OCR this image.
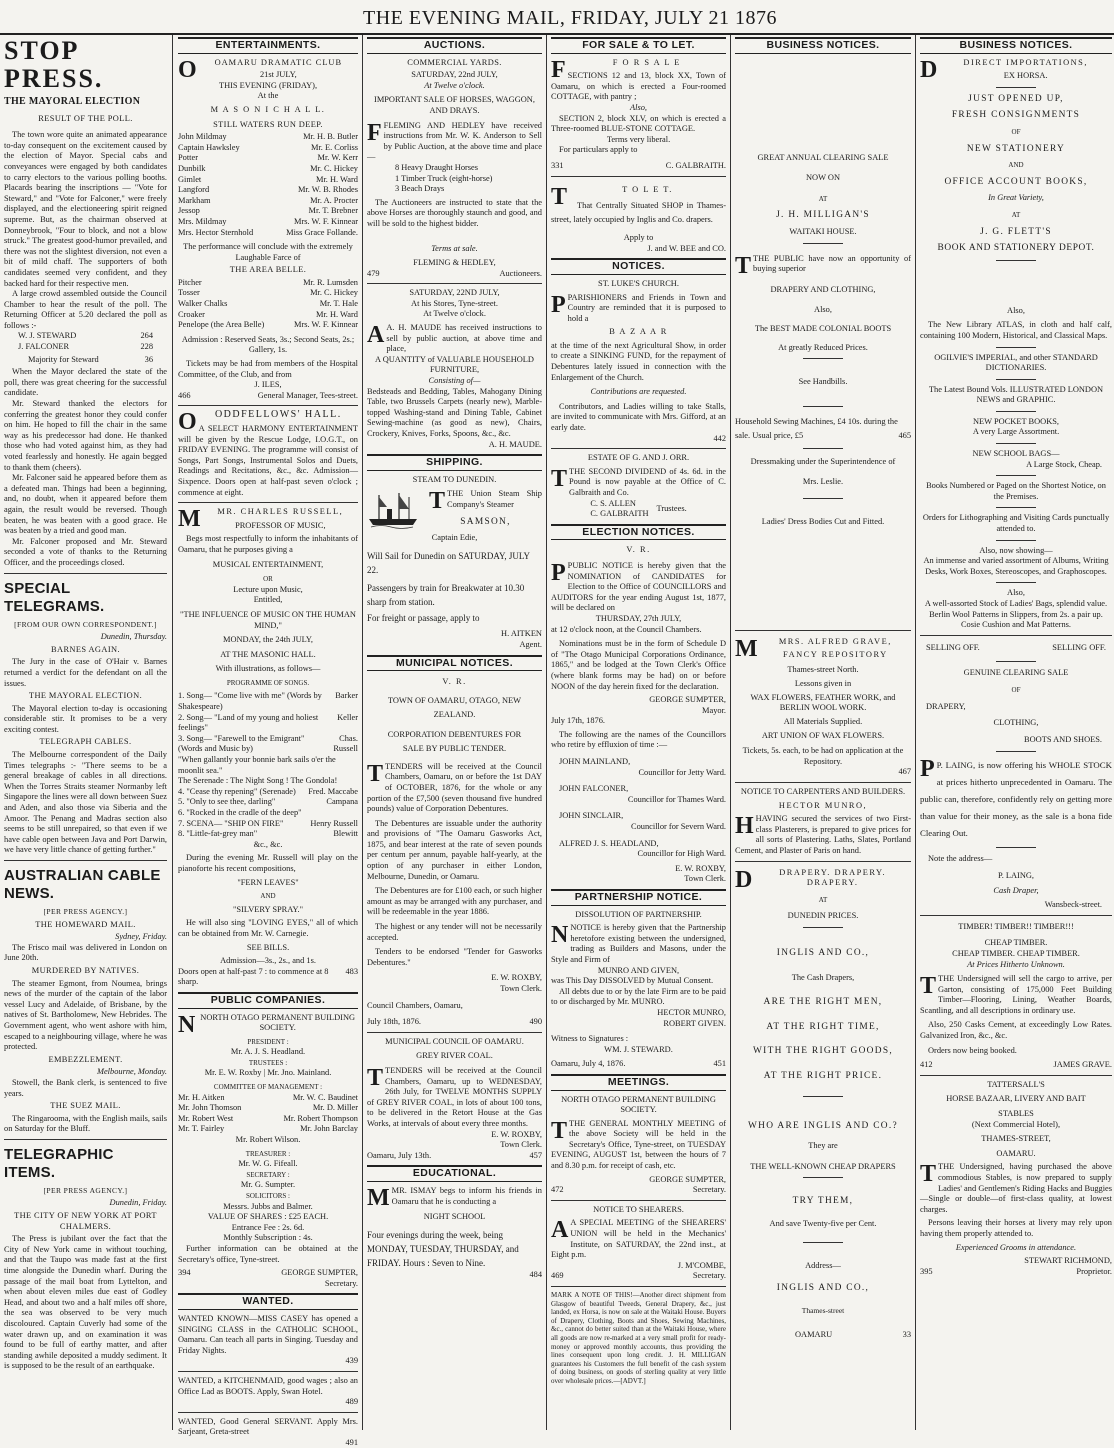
THE EVENING MAIL, FRIDAY, JULY 21 1876
STOP PRESS.
THE MAYORAL ELECTION
RESULT OF THE POLL.

The town wore quite an animated appearance to-day consequent on the excitement caused by the election of Mayor. Special cabs and conveyances were engaged by both candidates to carry electors to the various polling booths. Placards bearing the inscriptions — "Vote for Steward," and "Vote for Falconer," were freely displayed, and the electioneering spirit reigned supreme. But, as the chairman observed at Donneybrook, "Four to block, and not a blow struck." The greatest good-humor prevailed, and there was not the slightest diversion, not even a bit of mild chaff. The supporters of both candidates seemed very confident, and they backed hard for their respective men.

A large crowd assembled outside the Council Chamber to hear the result of the poll. The Returning Officer at 5.20 declared the poll as follows :-

W. J. STEWARD	264
J. FALCONER	228
Majority for Steward	36

When the Mayor declared the state of the poll, there was great cheering for the successful candidate.

Mr. Steward thanked the electors for conferring the greatest honor they could confer on him. He hoped to fill the chair in the same way as his predecessor had done. He thanked those who had voted against him, as they had voted fearlessly and honestly. He again begged to thank them (cheers).

Mr. Falconer said he appeared before them as a defeated man. Things had been a beginning, and, no doubt, when it appeared before them again, the result would be reversed. Though beaten, he was beaten with a good grace. He was beaten by a tried and good man.

Mr. Falconer proposed and Mr. Steward seconded a vote of thanks to the Returning Officer, and the proceedings closed.

SPECIAL TELEGRAMS.
[FROM OUR OWN CORRESPONDENT.]
Dunedin, Thursday.
BARNES AGAIN.

The Jury in the case of O'Hair v. Barnes returned a verdict for the defendant on all the issues.

THE MAYORAL ELECTION.

The Mayoral election to-day is occasioning considerable stir. It promises to be a very exciting contest.

TELEGRAPH CABLES.

The Melbourne correspondent of the Daily Times telegraphs :- "There seems to be a general breakage of cables in all directions. When the Torres Straits steamer Normanby left Singapore the lines were all down between Suez and Aden, and also those via Siberia and the Amoor. The Penang and Madras section also seems to be still unrepaired, so that even if we have cable open between Java and Port Darwin, we have very little chance of getting further."

AUSTRALIAN CABLE NEWS.
[PER PRESS AGENCY.]
THE HOMEWARD MAIL.
Sydney, Friday.

The Frisco mail was delivered in London on June 20th.

MURDERED BY NATIVES.

The steamer Egmont, from Noumea, brings news of the murder of the captain of the labor vessel Lucy and Adelaide, of Brisbane, by the natives of St. Bartholomew, New Hebrides. The Government agent, who went ashore with him, escaped to a neighbouring village, where he was protected.

EMBEZZLEMENT.
Melbourne, Monday.

Stowell, the Bank clerk, is sentenced to five years.

THE SUEZ MAIL.

The Ringarooma, with the English mails, sails on Saturday for the Bluff.

TELEGRAPHIC ITEMS.
[PER PRESS AGENCY.]
Dunedin, Friday.
THE CITY OF NEW YORK AT PORT CHALMERS.

The Press is jubilant over the fact that the City of New York came in without touching, and that the Taupo was made fast at the first time alongside the Dunedin wharf. During the passage of the mail boat from Lyttelton, and when about eleven miles due east of Godley Head, and about two and a half miles off shore, the sea was observed to be very much discoloured. Captain Cuverly had some of the water drawn up, and on examination it was found to be full of earthy matter, and after standing awhile deposited a muddy sediment. It is supposed to be the result of an earthquake.

ENTERTAINMENTS.
O	OAMARU DRAMATIC CLUB
21st JULY,
THIS EVENING (FRIDAY),
At the
M A S O N I C H A L L.
STILL WATERS RUN DEEP.
John Mildmay	Mr. H. B. Butler
Captain Hawksley	Mr. E. Corliss
Potter	Mr. W. Kerr
Dunbilk	Mr. C. Hickey
Gimlet	Mr. H. Ward
Langford	Mr. W. B. Rhodes
Markham	Mr. A. Procter
Jessop	Mr. T. Brebner
Mrs. Mildmay	Mrs. W. F. Kinnear
Mrs. Hector Sternhold	Miss Grace Follande.

The performance will conclude with the extremely Laughable Farce of

THE AREA BELLE.
Pitcher	Mr. R. Lumsden
Tosser	Mr. C. Hickey
Walker Chalks	Mr. T. Hale
Croaker	Mr. H. Ward
Penelope (the Area Belle)	Mrs. W. F. Kinnear

Admission : Reserved Seats, 3s.; Second Seats, 2s.; Gallery, 1s.

Tickets may be had from members of the Hospital Committee, of the Club, and from

J. ILES,
466	General Manager, Tees-street.
O	ODDFELLOWS' HALL.

A SELECT HARMONY ENTERTAINMENT will be given by the Rescue Lodge, I.O.G.T., on FRIDAY EVENING. The programme will consist of Songs, Part Songs, Instrumental Solos and Duets, Readings and Recitations, &c., &c. Admission—Sixpence. Doors open at half-past seven o'clock ; commence at eight.

M	MR. CHARLES RUSSELL,
PROFESSOR OF MUSIC,

Begs most respectfully to inform the inhabitants of Oamaru, that he purposes giving a

MUSICAL ENTERTAINMENT,
OR
Lecture upon Music,
Entitled,
"THE INFLUENCE OF MUSIC ON THE HUMAN MIND,"
MONDAY, the 24th JULY,
AT THE MASONIC HALL.
With illustrations, as follows—
PROGRAMME OF SONGS.
1. Song— "Come live with me" (Words by Shakespeare)
Barker
2. Song— "Land of my young and holiest feelings"
Keller
3. Song— "Farewell to the Emigrant" (Words and Music by)
Chas. Russell
"When gallantly your bonnie bark sails o'er the moonlit sea."
The Serenade : The Night Song ! The Gondola!
4. "Cease thy repening" (Serenade) Fred. Maccabe
5. "Only to see thee, darling"	Campana
6. "Rocked in the cradle of the deep"
7. SCENA— "SHIP ON FIRE"	Henry Russell
8. "Little-fat-grey man"	Blewitt
&c., &c.

During the evening Mr. Russell will play on the pianoforte his recent compositions,

"FERN LEAVES"
AND
"SILVERY SPRAY."

He will also sing "LOVING EYES," all of which can be obtained from Mr. W. Carnegie.

SEE BILLS.
Admission—3s., 2s., and 1s.
Doors open at half-past 7 : to commence at 8 sharp.
483
PUBLIC COMPANIES.
N NORTH OTAGO PERMANENT BUILDING SOCIETY.
PRESIDENT :
Mr. A. J. S. Headland.
TRUSTEES :
Mr. E. W. Roxby | Mr. Jno. Mainland.
COMMITTEE OF MANAGEMENT :
Mr. H. Aitken	Mr. W. C. Baudinet
Mr. John Thomson	Mr. D. Miller
Mr. Robert West	Mr. Robert Thompson
Mr. T. Fairley	Mr. John Barclay
Mr. Robert Wilson.
TREASURER :
Mr. W. G. Fifeall.
SECRETARY :
Mr. G. Sumpter.
SOLICITORS :
Messrs. Jubbs and Balmer.
VALUE OF SHARES : £25 EACH.
Entrance Fee : 2s. 6d.
Monthly Subscription : 4s.

Further information can be obtained at the Secretary's office, Tyne-street.

394	GEORGE SUMPTER,
Secretary.
WANTED.

WANTED KNOWN—MISS CASEY has opened a SINGING CLASS in the CATHOLIC SCHOOL, Oamaru. Can teach all parts in Singing. Tuesday and Friday Nights.

439

WANTED, a KITCHENMAID, good wages ; also an Office Lad as BOOTS. Apply, Swan Hotel.

489

WANTED, Good General SERVANT. Apply Mrs. Sarjeant, Greta-street

491
AUCTIONS.
COMMERCIAL YARDS.
SATURDAY, 22nd JULY,
At Twelve o'clock.
IMPORTANT SALE OF HORSES, WAGGON, AND DRAYS.
F FLEMING AND HEDLEY have received instructions from Mr. W. K. Anderson to Sell by Public Auction, at the above time and place—

8 Heavy Draught Horses
1 Timber Truck (eight-horse)
3 Beach Drays

The Auctioneers are instructed to state that the above Horses are thoroughly staunch and good, and will be sold to the highest bidder.

Terms at sale.
FLEMING & HEDLEY,
479	Auctioneers.
SATURDAY, 22ND JULY,
At his Stores, Tyne-street.
At Twelve o'clock.
A A. H. MAUDE has received instructions to sell by public auction, at above time and place,

A QUANTITY of VALUABLE HOUSEHOLD FURNITURE,
Consisting of—

Bedsteads and Bedding, Tables, Mahogany Dining Table, two Brussels Carpets (nearly new), Marble-topped Washing-stand and Dining Table, Cabinet Sewing-machine (as good as new), Chairs, Crockery, Knives, Forks, Spoons, &c., &c.

A. H. MAUDE.
SHIPPING.
STEAM TO DUNEDIN.
T THE Union Steam Ship Company's Steamer

SAMSON,
Captain Edie,

Will Sail for Dunedin on SATURDAY, JULY 22.

Passengers by train for Breakwater at 10.30 sharp from station.

For freight or passage, apply to

H. AITKEN
Agent.
MUNICIPAL NOTICES.
V. R.
TOWN OF OAMARU, OTAGO, NEW ZEALAND.
CORPORATION DEBENTURES FOR SALE BY PUBLIC TENDER.
T TENDERS will be received at the Council Chambers, Oamaru, on or before the 1st DAY of OCTOBER, 1876, for the whole or any portion of the £7,500 (seven thousand five hundred pounds) value of Corporation Debentures.

The Debentures are issuable under the authority and provisions of "The Oamaru Gasworks Act, 1875, and bear interest at the rate of seven pounds per centum per annum, payable half-yearly, at the option of any purchaser in either London, Melbourne, Dunedin, or Oamaru.

The Debentures are for £100 each, or such higher amount as may be arranged with any purchaser, and will be redeemable in the year 1886.

The highest or any tender will not be necessarily accepted.

Tenders to be endorsed "Tender for Gasworks Debentures."

E. W. ROXBY,
Town Clerk.

Council Chambers, Oamaru,

July 18th, 1876.	490
MUNICIPAL COUNCIL OF OAMARU.
GREY RIVER COAL.
T TENDERS will be received at the Council Chambers, Oamaru, up to WEDNESDAY, 26th July, for TWELVE MONTHS SUPPLY of GREY RIVER COAL, in lots of about 100 tons, to be delivered in the Retort House at the Gas Works, at intervals of about every three months.

E. W. ROXBY,
Town Clerk.
Oamaru, July 13th.	457
EDUCATIONAL.
M MR. ISMAY begs to inform his friends in Oamaru that he is conducting a

NIGHT SCHOOL

Four evenings during the week, being MONDAY, TUESDAY, THURSDAY, and FRIDAY. Hours : Seven to Nine.

484
FOR SALE & TO LET.
F	F O R S A L E

SECTIONS 12 and 13, block XX, Town of Oamaru, on which is erected a Four-roomed COTTAGE, with pantry ;

Also,

SECTION 2, block XLV, on which is erected a Three-roomed BLUE-STONE COTTAGE.

Terms very liberal.

For particulars apply to

331	C. GALBRAITH.
T	T O L E T.

That Centrally Situated SHOP in Thames-street, lately occupied by Inglis and Co. drapers.

Apply to
J. and W. BEE and CO.
NOTICES.
ST. LUKE'S CHURCH.
P PARISHIONERS and Friends in Town and Country are reminded that it is purposed to hold a

B A Z A A R

at the time of the next Agricultural Show, in order to create a SINKING FUND, for the repayment of Debentures lately issued in connection with the Enlargement of the Church.

Contributions are requested.

Contributors, and Ladies willing to take Stalls, are invited to communicate with Mrs. Gifford, at an early date.

442
ESTATE OF G. AND J. ORR.
T THE SECOND DIVIDEND of 4s. 6d. in the Pound is now payable at the Office of C. Galbraith and Co.

C. S. ALLEN
C. GALBRAITH
Trustees.
ELECTION NOTICES.
V. R.
P PUBLIC NOTICE is hereby given that the NOMINATION of CANDIDATES for Election to the Office of COUNCILLORS and AUDITORS for the year ending August 1st, 1877, will be declared on

THURSDAY, 27th JULY,

at 12 o'clock noon, at the Council Chambers.

Nominations must be in the form of Schedule D of "The Otago Municipal Corporations Ordinance, 1865," and be lodged at the Town Clerk's Office (where blank forms may be had) on or before NOON of the day herein fixed for the declaration.

GEORGE SUMPTER,
Mayor.

July 17th, 1876.

The following are the names of the Councillors who retire by effluxion of time :—

JOHN MAINLAND,
Councillor for Jetty Ward.
JOHN FALCONER,
Councillor for Thames Ward.
JOHN SINCLAIR,
Councillor for Severn Ward.
ALFRED J. S. HEADLAND,
Councillor for High Ward.
E. W. ROXBY,
Town Clerk.
PARTNERSHIP NOTICE.
DISSOLUTION OF PARTNERSHIP.
N NOTICE is hereby given that the Partnership heretofore existing between the undersigned, trading as Builders and Masons, under the Style and Firm of

MUNRO AND GIVEN,

was This Day DISSOLVED by Mutual Consent.

All debts due to or by the late Firm are to be paid to or discharged by Mr. MUNRO.

HECTOR MUNRO,
ROBERT GIVEN.

Witness to Signatures :

WM. J. STEWARD.
Oamaru, July 4, 1876.	451
MEETINGS.
NORTH OTAGO PERMANENT BUILDING SOCIETY.
T THE GENERAL MONTHLY MEETING of the above Society will be held in the Secretary's Office, Tyne-street, on TUESDAY EVENING, AUGUST 1st, between the hours of 7 and 8.30 p.m. for receipt of cash, etc.

GEORGE SUMPTER,
472	Secretary.
NOTICE TO SHEARERS.
A A SPECIAL MEETING of the SHEARERS' UNION will be held in the Mechanics' Institute, on SATURDAY, the 22nd inst., at Eight p.m.

J. M'COMBE,
469	Secretary.

MARK A NOTE OF THIS!—Another direct shipment from Glasgow of beautiful Tweeds, General Drapery, &c., just landed, ex Horsa, is now on sale at the Waitaki House. Buyers of Drapery, Clothing, Boots and Shoes, Sewing Machines, &c., cannot do better suited than at the Waitaki House, where all goods are now re-marked at a very small profit for ready-money or approved monthly accounts, thus providing the lines consequent upon long credit. J. H. MILLIGAN guarantees his Customers the full benefit of the cash system of doing business, on goods of sterling quality at very little over wholesale prices.—[ADVT.]

BUSINESS NOTICES.
GREAT ANNUAL CLEARING SALE
NOW ON
AT
J. H. MILLIGAN'S
WAITAKI HOUSE.
T THE PUBLIC have now an opportunity of buying superior

DRAPERY AND CLOTHING,
Also,
The BEST MADE COLONIAL BOOTS
At greatly Reduced Prices.
See Handbills.
Household Sewing Machines, £4 10s. during the sale. Usual price, £5	465
Dressmaking under the Superintendence of
Mrs. Leslie.
Ladies' Dress Bodies Cut and Fitted.
M	MRS. ALFRED GRAVE,
FANCY REPOSITORY
Thames-street North.
Lessons given in
WAX FLOWERS, FEATHER WORK, and BERLIN WOOL WORK.
All Materials Supplied.
ART UNION OF WAX FLOWERS.

Tickets, 5s. each, to be had on application at the Repository.

467
NOTICE TO CARPENTERS AND BUILDERS.
HECTOR MUNRO,
H HAVING secured the services of two First-class Plasterers, is prepared to give prices for all sorts of Plastering. Laths, Slates, Portland Cement, and Plaster of Paris on hand.

D	DRAPERY. DRAPERY. DRAPERY.
AT
DUNEDIN PRICES.
INGLIS AND CO.,
The Cash Drapers,
ARE THE RIGHT MEN,
AT THE RIGHT TIME,
WITH THE RIGHT GOODS,
AT THE RIGHT PRICE.
WHO ARE INGLIS AND CO.?
They are
THE WELL-KNOWN CHEAP DRAPERS
TRY THEM,
And save Twenty-five per Cent.
Address—
INGLIS AND CO.,
Thames-street
OAMARU	33
BUSINESS NOTICES.
D	DIRECT IMPORTATIONS,
EX HORSA.
JUST OPENED UP,
FRESH CONSIGNMENTS
OF
NEW STATIONERY
AND
OFFICE ACCOUNT BOOKS,
In Great Variety,
AT
J. G. FLETT'S
BOOK AND STATIONERY DEPOT.
Also,

The New Library ATLAS, in cloth and half calf, containing 100 Modern, Historical, and Classical Maps.

OGILVIE'S IMPERIAL, and other STANDARD DICTIONARIES.
The Latest Bound Vols. ILLUSTRATED LONDON NEWS and GRAPHIC.
NEW POCKET BOOKS,
A very Large Assortment.
NEW SCHOOL BAGS—
A Large Stock, Cheap.
Books Numbered or Paged on the Shortest Notice, on the Premises.
Orders for Lithographing and Visiting Cards punctually attended to.
Also, now showing—
An immense and varied assortment of Albums, Writing Desks, Work Boxes, Stereoscopes, and Graphoscopes.
Also,
A well-assorted Stock of Ladies' Bags, splendid value.
Berlin Wool Patterns in Slippers, from 2s. a pair up.
Cosie Cushion and Mat Patterns.
SELLING OFF.	SELLING OFF.
GENUINE CLEARING SALE
OF
DRAPERY,
CLOTHING,
BOOTS AND SHOES.
P P. LAING, is now offering his WHOLE STOCK at prices hitherto unprecedented in Oamaru. The public can, therefore, confidently rely on getting more than value for their money, as the sale is a bona fide Clearing Out.

Note the address—

P. LAING,
Cash Draper,
Wansbeck-street.
TIMBER! TIMBER!! TIMBER!!!
CHEAP TIMBER.
CHEAP TIMBER. CHEAP TIMBER.
At Prices Hitherto Unknown.
T THE Undersigned will sell the cargo to arrive, per Garton, consisting of 175,000 Feet Building Timber—Flooring, Lining, Weather Boards, Scantling, and all descriptions in ordinary use.

Also, 250 Casks Cement, at exceedingly Low Rates. Galvanized Iron, &c., &c.

Orders now being booked.

412	JAMES GRAVE.
TATTERSALL'S
HORSE BAZAAR, LIVERY AND BAIT
STABLES
(Next Commercial Hotel),
THAMES-STREET,
OAMARU.
T THE Undersigned, having purchased the above commodious Stables, is now prepared to supply Ladies' and Gentlemen's Riding Hacks and Buggies—Single or double—of first-class quality, at lowest charges.

Persons leaving their horses at livery may rely upon having them properly attended to.

Experienced Grooms in attendance.
STEWART RICHMOND,
395	Proprietor.
